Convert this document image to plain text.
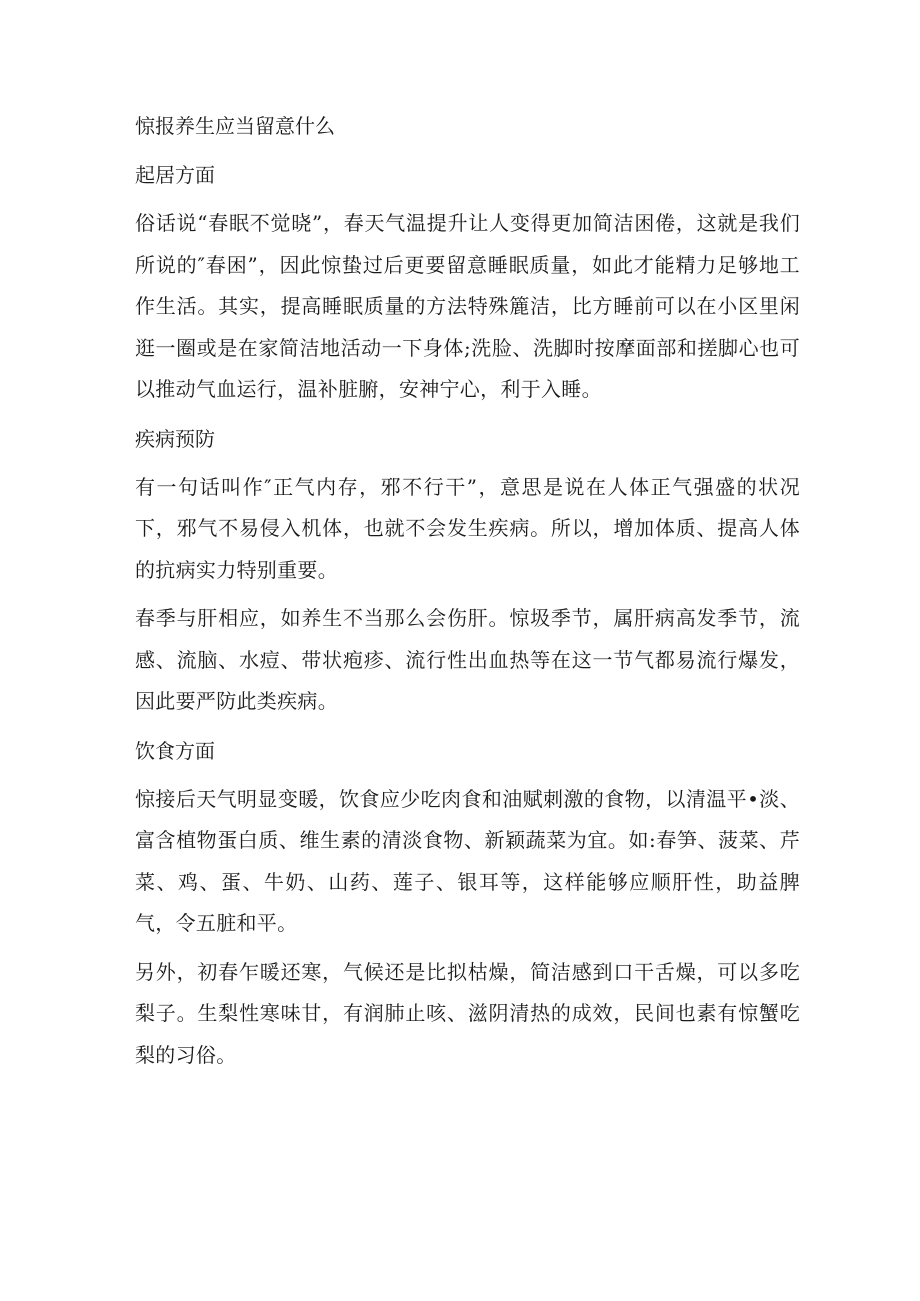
惊报养生应当留意什么
起居方面

俗话说“春眠不觉晓”，春天气温提升让人变得更加简洁困倦，这就是我们所说的″春困”，因此惊蛰过后更要留意睡眠质量，如此才能精力足够地工作生活。其实，提高睡眠质量的方法特殊簏洁，比方睡前可以在小区里闲逛一圈或是在家简洁地活动一下身体;洗脸、洗脚时按摩面部和搓脚心也可以推动气血运行，温补脏腑，安神宁心，利于入睡。

疾病预防

有一句话叫作″正气内存，邪不行干”，意思是说在人体正气强盛的状况下，邪气不易侵入机体，也就不会发生疾病。所以，增加体质、提高人体的抗病实力特别重要。

春季与肝相应，如养生不当那么会伤肝。惊圾季节，属肝病高发季节，流感、流脑、水痘、带状疱疹、流行性出血热等在这一节气都易流行爆发，因此要严防此类疾病。

饮食方面

惊接后天气明显变暖，饮食应少吃肉食和油赋刺激的食物，以清温平•淡、富含植物蛋白质、维生素的清淡食物、新颖蔬菜为宜。如:春笋、菠菜、芹菜、鸡、蛋、牛奶、山药、莲子、银耳等，这样能够应顺肝性，助益脾气，令五脏和平。

另外，初春乍暖还寒，气候还是比拟枯燥，简洁感到口干舌燥，可以多吃梨子。生梨性寒味甘，有润肺止咳、滋阴清热的成效，民间也素有惊蟹吃梨的习俗。
